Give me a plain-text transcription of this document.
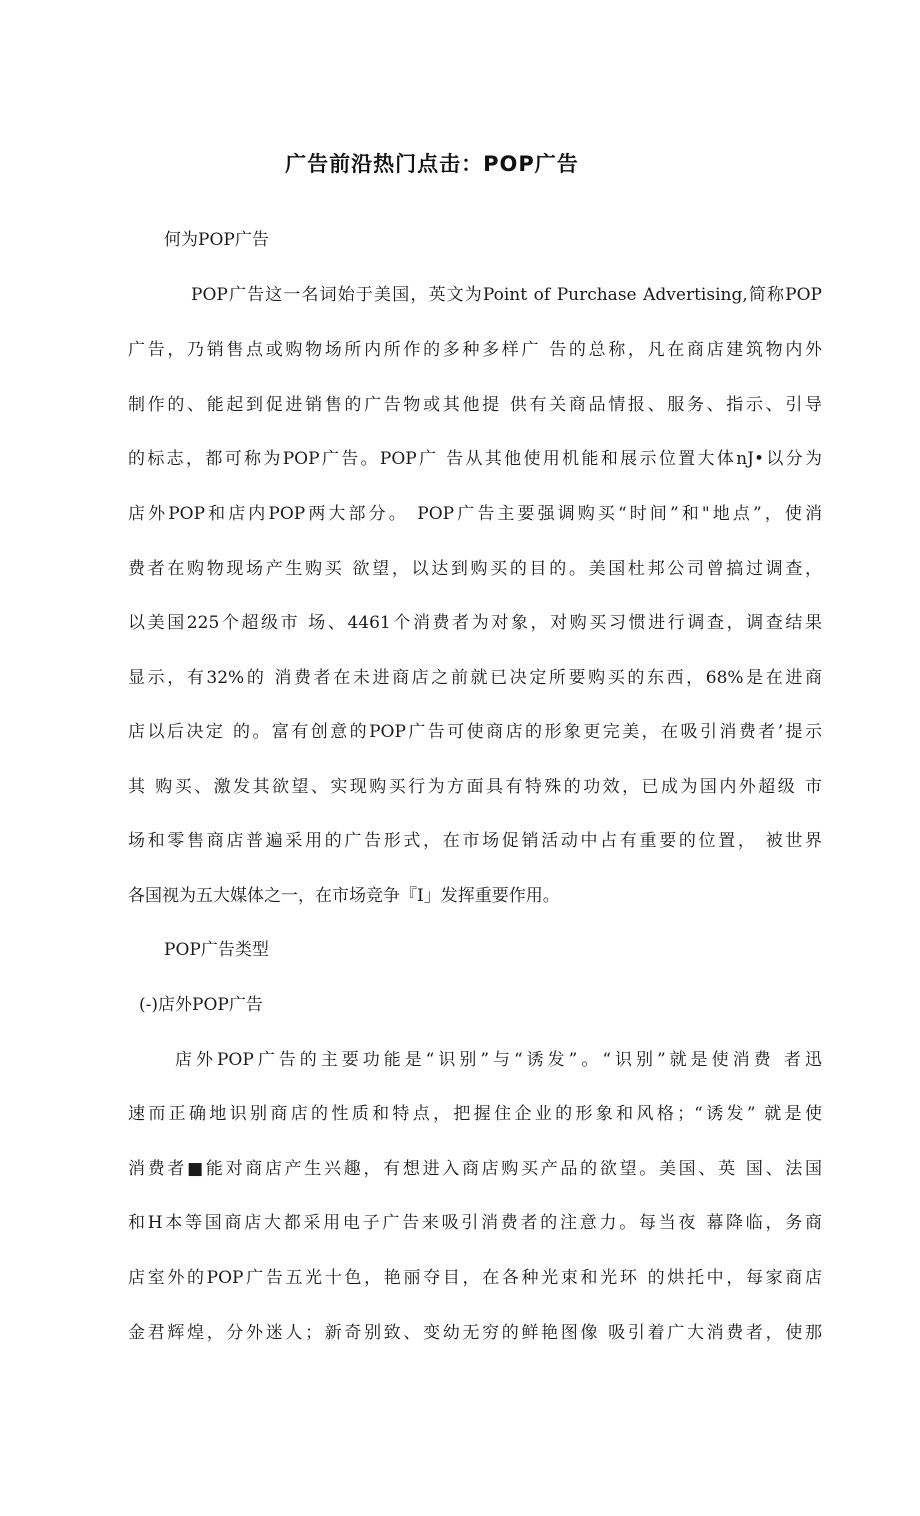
广告前沿热门点击：POP广告
何为POP广告
POP广告这一名词始于美国，英文为Point of Purchase Advertising,简称POP
广告，乃销售点或购物场所内所作的多种多样广 告的总称，凡在商店建筑物内外
制作的、能起到促进销售的广告物或其他提 供有关商品情报、服务、指示、引导
的标志，都可称为POP广告。POP广 告从其他使用机能和展示位置大体nJ•以分为
店外POP和店内POP两大部分。 POP广告主要强调购买“时间”和"地点”，使消
费者在购物现场产生购买 欲望，以达到购买的目的。美国杜邦公司曾搞过调查，
以美国225个超级市 场、4461个消费者为对象，对购买习惯进行调查，调查结果
显示，有32%的 消费者在未进商店之前就已决定所要购买的东西，68%是在进商
店以后决定 的。富有创意的POP广告可使商店的形象更完美，在吸引消费者’提示
其 购买、激发其欲望、实现购买行为方面具有特殊的功效，已成为国内外超级 市
场和零售商店普遍采用的广告形式，在市场促销活动中占有重要的位置， 被世界
各国视为五大媒体之一，在市场竞争『I」发挥重要作用。
POP广告类型
(-)店外POP广告
店外POP广告的主要功能是“识别”与“诱发”。“识别”就是使消费 者迅
速而正确地识别商店的性质和特点，把握住企业的形象和风格；“诱发” 就是使
消费者■能对商店产生兴趣，有想进入商店购买产品的欲望。美国、英 国、法国
和H本等国商店大都采用电子广告来吸引消费者的注意力。每当夜 幕降临，务商
店室外的POP广告五光十色，艳丽夺目，在各种光束和光环 的烘托中，每家商店
金君辉煌，分外迷人；新奇别致、变幼无穷的鲜艳图像 吸引着广大消费者，使那
